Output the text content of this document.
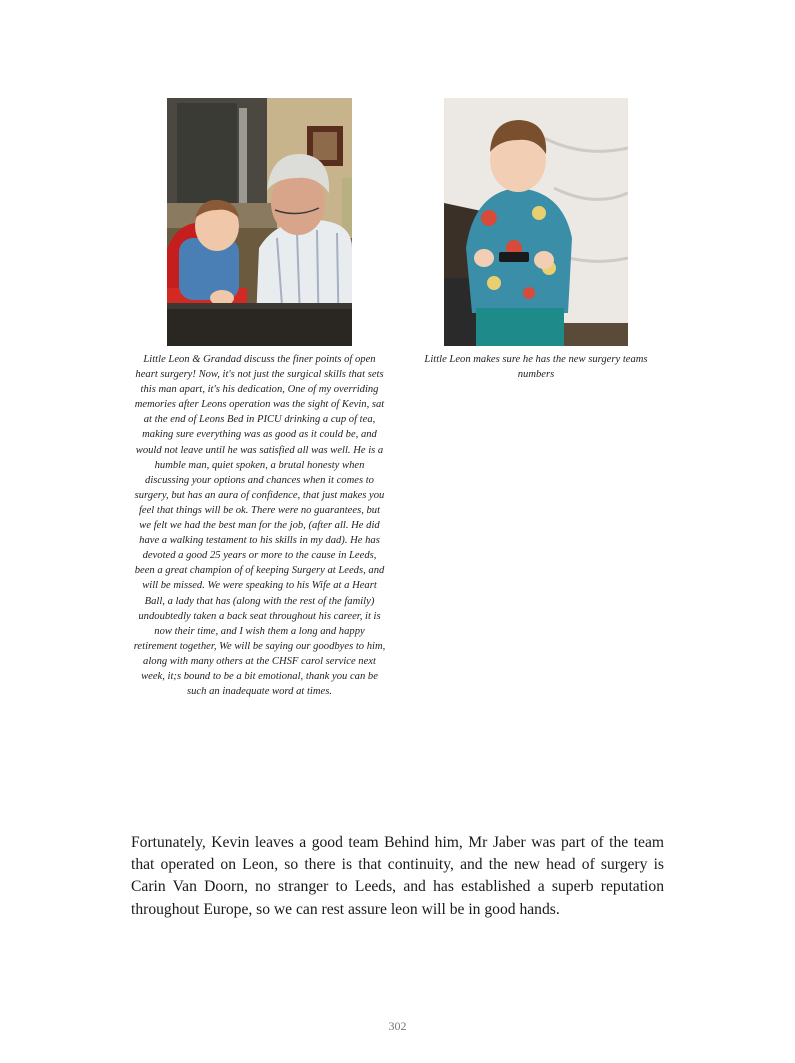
Little Leon & Grandad discuss the finer points of open heart surgery! Now, it's not just the surgical skills that sets this man apart, it's his dedication, One of my overriding memories after Leons operation was the sight of Kevin, sat at the end of Leons Bed in PICU drinking a cup of tea, making sure everything was as good as it could be, and would not leave until he was satisfied all was well. He is a humble man, quiet spoken, a brutal honesty when discussing your options and chances when it comes to surgery, but has an aura of confidence, that just makes you feel that things will be ok. There were no guarantees, but we felt we had the best man for the job, (after all. He did have a walking testament to his skills in my dad). He has devoted a good 25 years or more to the cause in Leeds, been a great champion of of keeping Surgery at Leeds, and will be missed. We were speaking to his Wife at a Heart Ball, a lady that has (along with the rest of the family) undoubtedly taken a back seat throughout his career, it is now their time, and I wish them a long and happy retirement together, We will be saying our goodbyes to him, along with many others at the CHSF carol service next week, it;s bound to be a bit emotional, thank you can be such an inadequate word at times.

Little Leon makes sure he has the new surgery teams numbers

Fortunately, Kevin leaves a good team Behind him, Mr Jaber was part of the team that operated on Leon, so there is that continuity, and the new head of surgery is Carin Van Doorn, no stranger to Leeds, and has established a superb reputation throughout Europe, so we can rest assure leon will be in good hands.
302
